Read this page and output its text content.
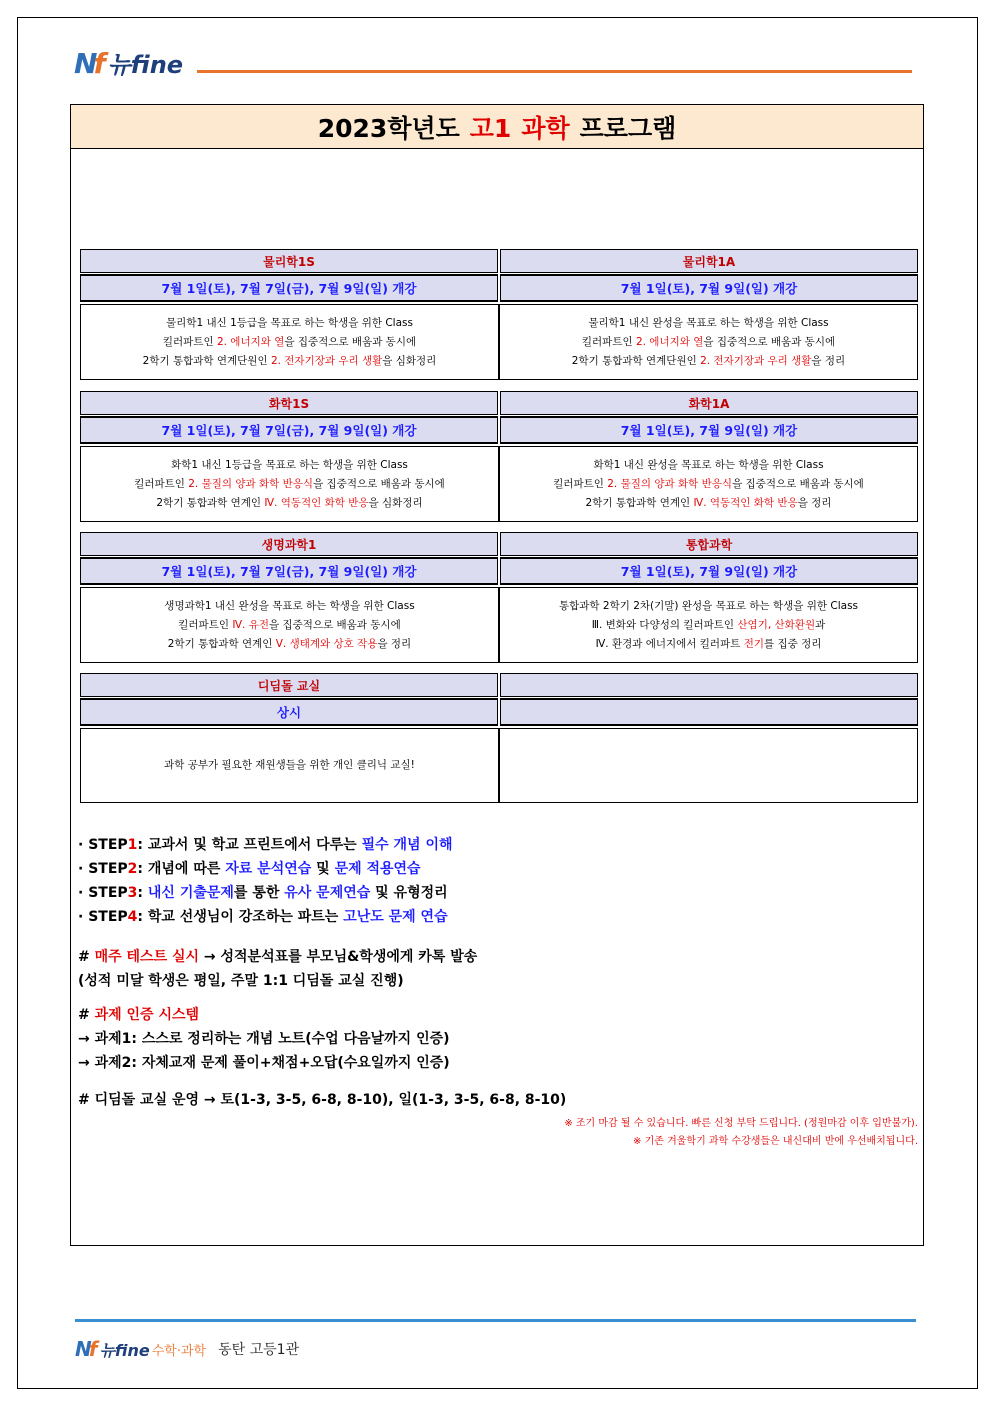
N f 뉴fine
2023학년도 고1 과학 프로그램
물리학1S
7월 1일(토), 7월 7일(금), 7월 9일(일) 개강
물리학1 내신 1등급을 목표로 하는 학생을 위한 Class
킬러파트인 2. 에너지와 열을 집중적으로 배움과 동시에
2학기 통합과학 연계단원인 2. 전자기장과 우리 생활을 심화정리
물리학1A
7월 1일(토), 7월 9일(일) 개강
물리학1 내신 완성을 목표로 하는 학생을 위한 Class
킬러파트인 2. 에너지와 열을 집중적으로 배움과 동시에
2학기 통합과학 연계단원인 2. 전자기장과 우리 생활을 정리
화학1S
7월 1일(토), 7월 7일(금), 7월 9일(일) 개강
화학1 내신 1등급을 목표로 하는 학생을 위한 Class
킬러파트인 2. 물질의 양과 화학 반응식을 집중적으로 배움과 동시에
2학기 통합과학 연계인 Ⅳ. 역동적인 화학 반응을 심화정리
화학1A
7월 1일(토), 7월 9일(일) 개강
화학1 내신 완성을 목표로 하는 학생을 위한 Class
킬러파트인 2. 물질의 양과 화학 반응식을 집중적으로 배움과 동시에
2학기 통합과학 연계인 Ⅳ. 역동적인 화학 반응을 정리
생명과학1
7월 1일(토), 7월 7일(금), 7월 9일(일) 개강
생명과학1 내신 완성을 목표로 하는 학생을 위한 Class
킬러파트인 Ⅳ. 유전을 집중적으로 배움과 동시에
2학기 통합과학 연계인 Ⅴ. 생태계와 상호 작용을 정리
통합과학
7월 1일(토), 7월 9일(일) 개강
통합과학 2학기 2차(기말) 완성을 목표로 하는 학생을 위한 Class
Ⅲ. 변화와 다양성의 킬러파트인 산염기, 산화환원과
Ⅳ. 환경과 에너지에서 킬러파트 전기를 집중 정리
디딤돌 교실
상시
과학 공부가 필요한 재원생들을 위한 개인 클리닉 교실!
· STEP1: 교과서 및 학교 프린트에서 다루는 필수 개념 이해
· STEP2: 개념에 따른 자료 분석연습 및 문제 적용연습
· STEP3: 내신 기출문제를 통한 유사 문제연습 및 유형정리
· STEP4: 학교 선생님이 강조하는 파트는 고난도 문제 연습
# 매주 테스트 실시 → 성적분석표를 부모님&학생에게 카톡 발송
(성적 미달 학생은 평일, 주말 1:1 디딤돌 교실 진행)
# 과제 인증 시스템
→ 과제1: 스스로 정리하는 개념 노트(수업 다음날까지 인증)
→ 과제2: 자체교재 문제 풀이+채점+오답(수요일까지 인증)
# 디딤돌 교실 운영 → 토(1-3, 3-5, 6-8, 8-10), 일(1-3, 3-5, 6-8, 8-10)
※ 조기 마감 될 수 있습니다. 빠른 신청 부탁 드립니다. (정원마감 이후 입반불가).
※ 기존 겨울학기 과학 수강생들은 내신대비 반에 우선배치됩니다.
N f 뉴fine 수학·과학 동탄 고등1관
